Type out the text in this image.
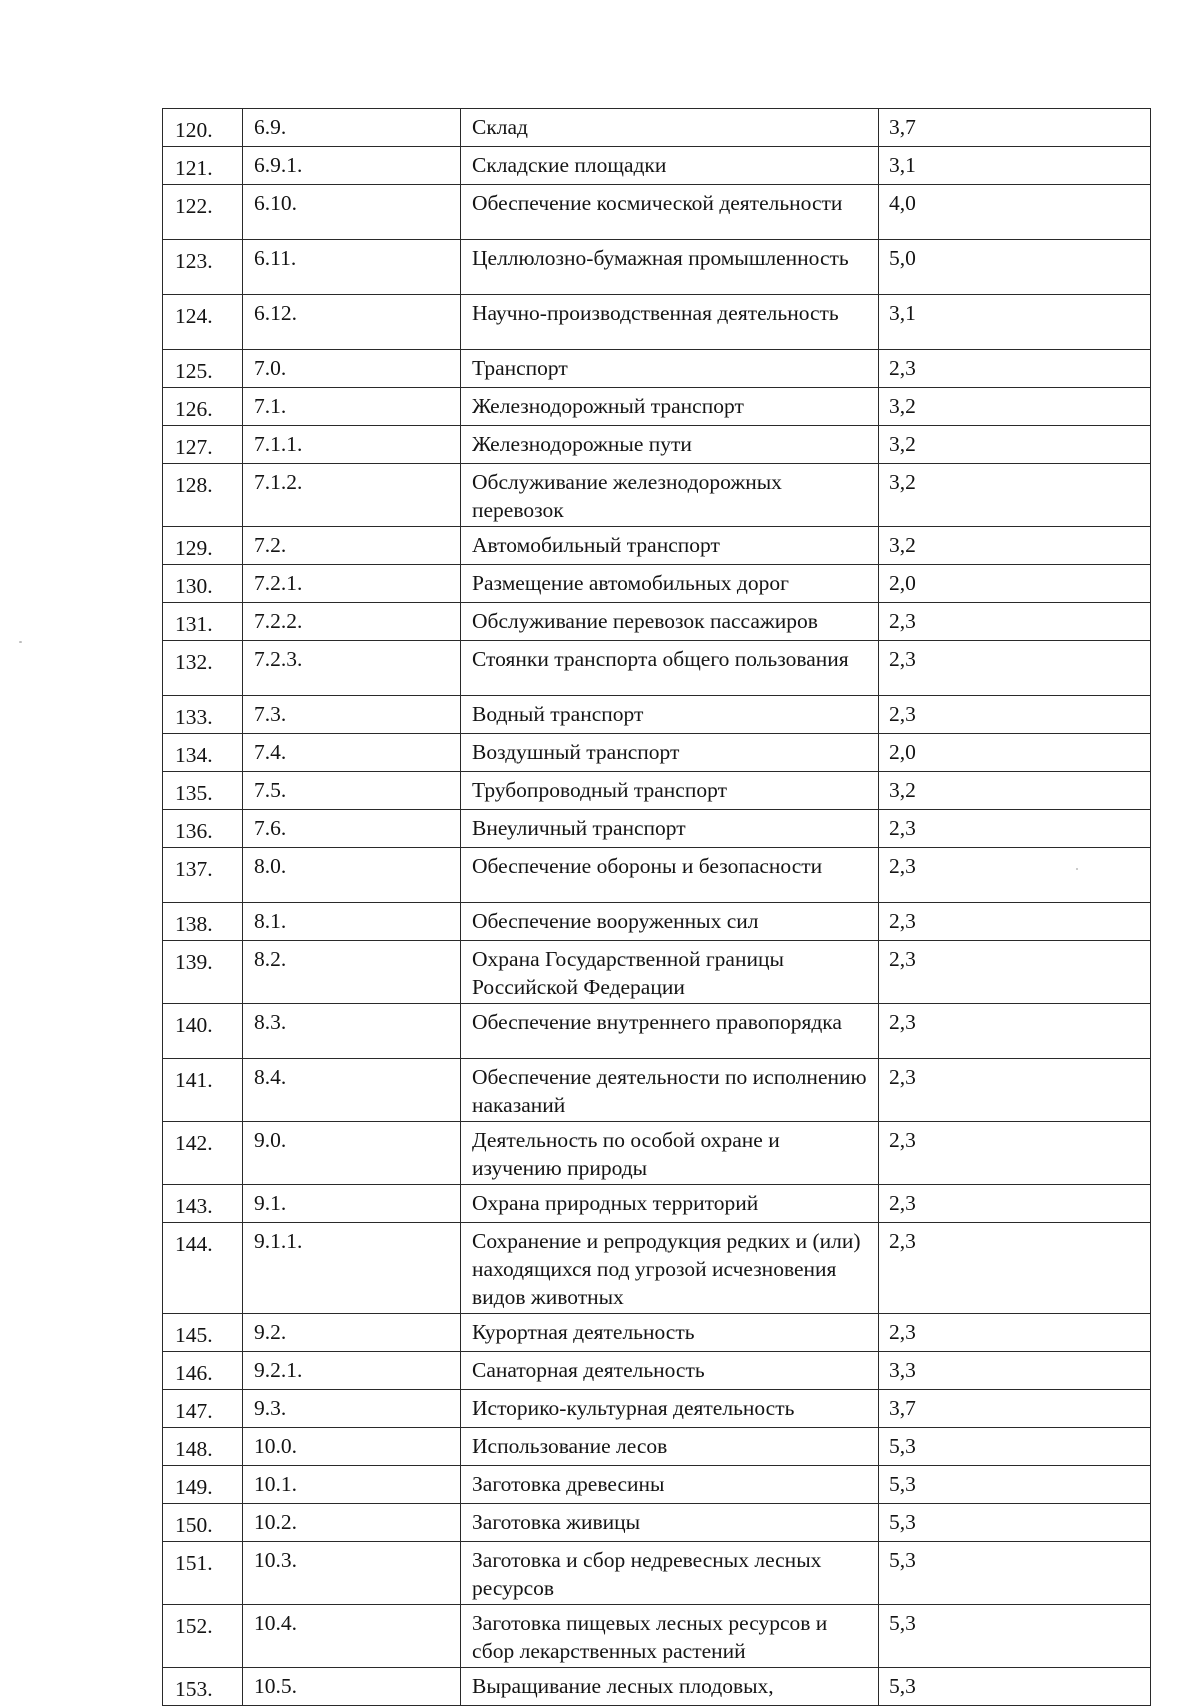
120.	6.9.	Склад	3,7
121.	6.9.1.	Складские площадки	3,1
122.	6.10.	Обеспечение космической деятельности	4,0
123.	6.11.	Целлюлозно-бумажная промышленность	5,0
124.	6.12.	Научно-производственная деятельность	3,1
125.	7.0.	Транспорт	2,3
126.	7.1.	Железнодорожный транспорт	3,2
127.	7.1.1.	Железнодорожные пути	3,2
128.	7.1.2.	Обслуживание железнодорожных перевозок	3,2
129.	7.2.	Автомобильный транспорт	3,2
130.	7.2.1.	Размещение автомобильных дорог	2,0
131.	7.2.2.	Обслуживание перевозок пассажиров	2,3
132.	7.2.3.	Стоянки транспорта общего пользования	2,3
133.	7.3.	Водный транспорт	2,3
134.	7.4.	Воздушный транспорт	2,0
135.	7.5.	Трубопроводный транспорт	3,2
136.	7.6.	Внеуличный транспорт	2,3
137.	8.0.	Обеспечение обороны и безопасности	2,3
138.	8.1.	Обеспечение вооруженных сил	2,3
139.	8.2.	Охрана Государственной границы Российской Федерации	2,3
140.	8.3.	Обеспечение внутреннего правопорядка	2,3
141.	8.4.	Обеспечение деятельности по исполнению наказаний	2,3
142.	9.0.	Деятельность по особой охране и изучению природы	2,3
143.	9.1.	Охрана природных территорий	2,3
144.	9.1.1.	Сохранение и репродукция редких и (или) находящихся под угрозой исчезновения видов животных	2,3
145.	9.2.	Курортная деятельность	2,3
146.	9.2.1.	Санаторная деятельность	3,3
147.	9.3.	Историко-культурная деятельность	3,7
148.	10.0.	Использование лесов	5,3
149.	10.1.	Заготовка древесины	5,3
150.	10.2.	Заготовка живицы	5,3
151.	10.3.	Заготовка и сбор недревесных лесных ресурсов	5,3
152.	10.4.	Заготовка пищевых лесных ресурсов и сбор лекарственных растений	5,3
153.	10.5.	Выращивание лесных плодовых,	5,3
